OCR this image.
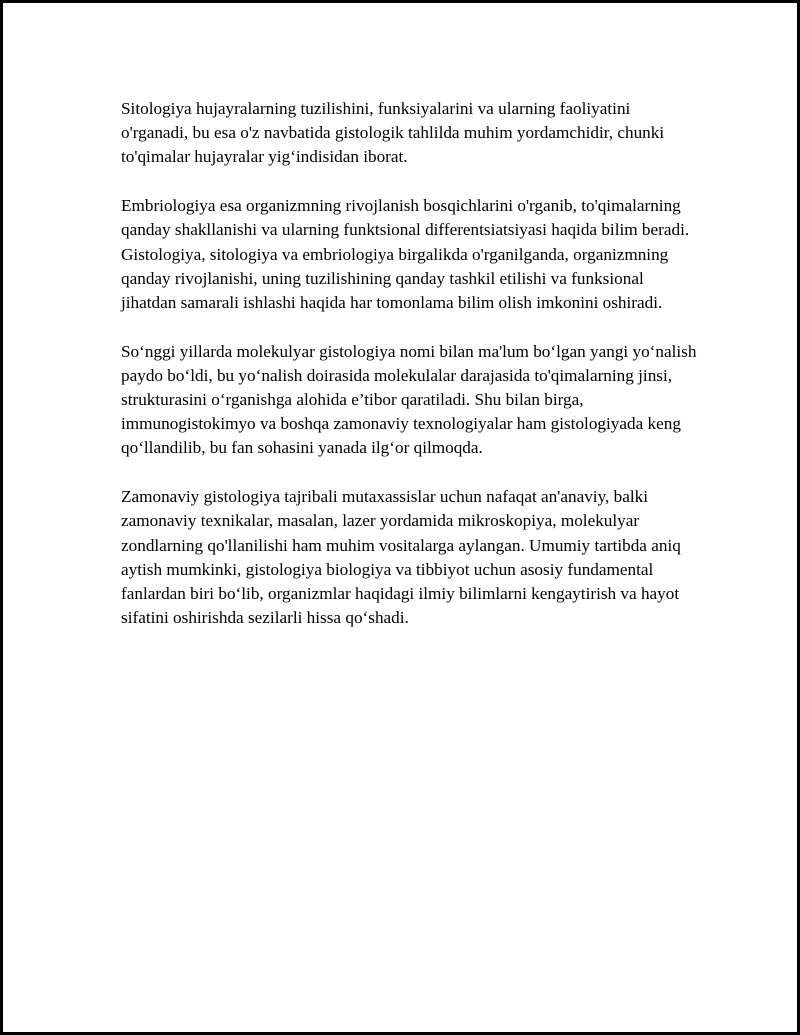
Sitologiya hujayralarning tuzilishini, funksiyalarini va ularning faoliyatini o'rganadi, bu esa o'z navbatida gistologik tahlilda muhim yordamchidir, chunki to'qimalar hujayralar yig‘indisidan iborat.

Embriologiya esa organizmning rivojlanish bosqichlarini o'rganib, to'qimalarning qanday shakllanishi va ularning funktsional differentsiatsiyasi haqida bilim beradi. Gistologiya, sitologiya va embriologiya birgalikda o'rganilganda, organizmning qanday rivojlanishi, uning tuzilishining qanday tashkil etilishi va funksional jihatdan samarali ishlashi haqida har tomonlama bilim olish imkonini oshiradi.

So‘nggi yillarda molekulyar gistologiya nomi bilan ma'lum bo‘lgan yangi yo‘nalish paydo bo‘ldi, bu yo‘nalish doirasida molekulalar darajasida to'qimalarning jinsi, strukturasini o‘rganishga alohida e’tibor qaratiladi. Shu bilan birga, immunogistokimyo va boshqa zamonaviy texnologiyalar ham gistologiyada keng qo‘llandilib, bu fan sohasini yanada ilg‘or qilmoqda.

Zamonaviy gistologiya tajribali mutaxassislar uchun nafaqat an'anaviy, balki zamonaviy texnikalar, masalan, lazer yordamida mikroskopiya, molekulyar zondlarning qo'llanilishi ham muhim vositalarga aylangan. Umumiy tartibda aniq aytish mumkinki, gistologiya biologiya va tibbiyot uchun asosiy fundamental fanlardan biri bo‘lib, organizmlar haqidagi ilmiy bilimlarni kengaytirish va hayot sifatini oshirishda sezilarli hissa qo‘shadi.
